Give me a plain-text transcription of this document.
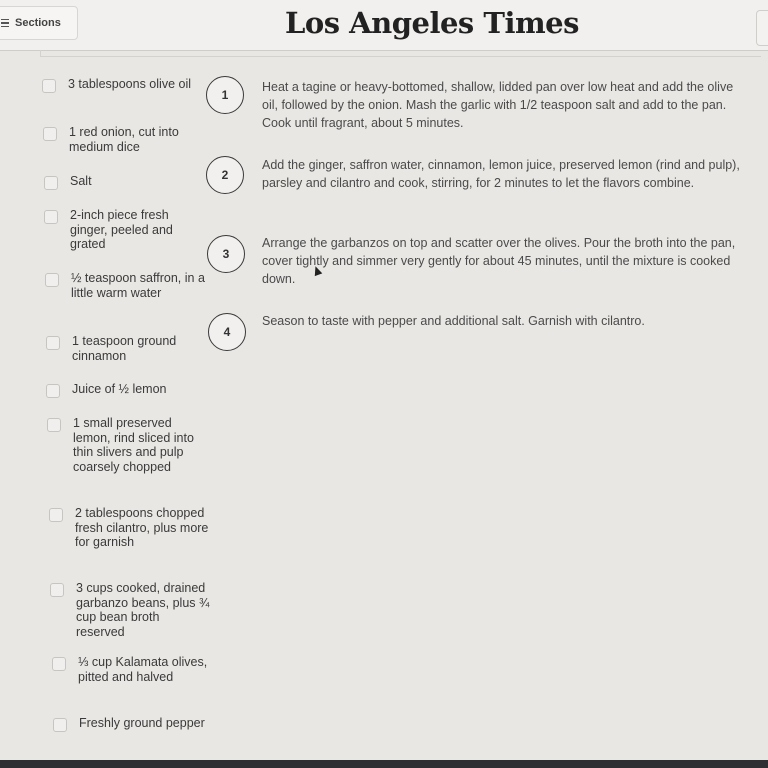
Sections	Los Angeles Times
3 tablespoons olive oil
1 red onion, cut into medium dice
Salt
2-inch piece fresh ginger, peeled and grated
½ teaspoon saffron, in a little warm water
1 teaspoon ground cinnamon
Juice of ½ lemon
1 small preserved lemon, rind sliced into thin slivers and pulp coarsely chopped
2 tablespoons chopped fresh cilantro, plus more for garnish
3 cups cooked, drained garbanzo beans, plus ¾ cup bean broth reserved
⅓ cup Kalamata olives, pitted and halved
Freshly ground pepper
1
Heat a tagine or heavy-bottomed, shallow, lidded pan over low heat and add the olive oil, followed by the onion. Mash the garlic with 1/2 teaspoon salt and add to the pan. Cook until fragrant, about 5 minutes.
2
Add the ginger, saffron water, cinnamon, lemon juice, preserved lemon (rind and pulp), parsley and cilantro and cook, stirring, for 2 minutes to let the flavors combine.
3
Arrange the garbanzos on top and scatter over the olives. Pour the broth into the pan, cover tightly and simmer very gently for about 45 minutes, until the mixture is cooked down.
4
Season to taste with pepper and additional salt. Garnish with cilantro.
